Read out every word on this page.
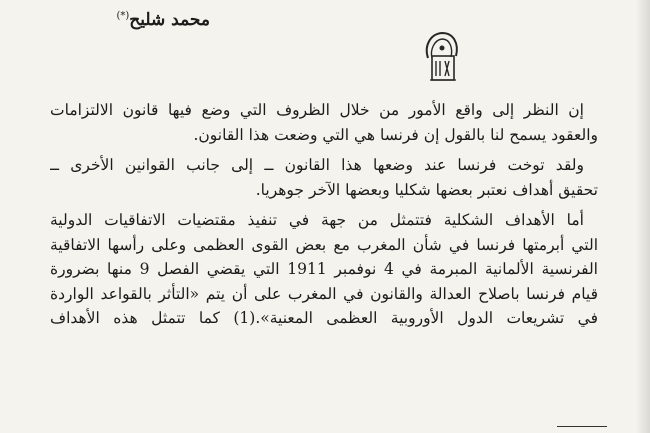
محمد شليح(*)
إن النظر إلى واقع الأمور من خلال الظروف التي وضع فيها قانون الالتزامات
والعقود يسمح لنا بالقول إن فرنسا هي التي وضعت هذا القانون.
ولقد توخت فرنسا عند وضعها هذا القانون ــ إلى جانب القوانين الأخرى ــ
تحقيق أهداف نعتبر بعضها شكليا وبعضها الآخر جوهريا.
أما الأهداف الشكلية فتتمثل من جهة في تنفيذ مقتضيات الاتفاقيات الدولية
التي أبرمتها فرنسا في شأن المغرب مع بعض القوى العظمى وعلى رأسها الاتفاقية
الفرنسية الألمانية المبرمة في 4 نوفمبر 1911 التي يقضي الفصل 9 منها بضرورة
قيام فرنسا باصلاح العدالة والقانون في المغرب على أن يتم «التأثر بالقواعد الواردة
في تشريعات الدول الأوروبية العظمى المعنية».(1) كما تتمثل هذه الأهداف
